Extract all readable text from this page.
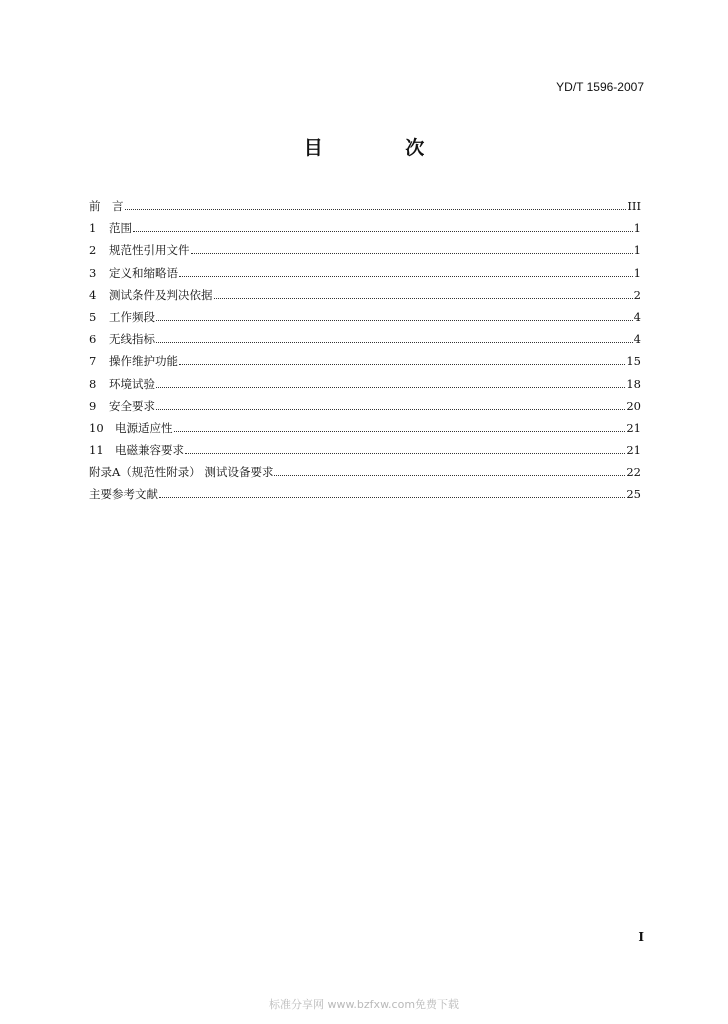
YD/T 1596-2007
目 次
前　言	III
1	范围	1
2	规范性引用文件	1
3	定义和缩略语	1
4	测试条件及判决依据	2
5	工作频段	4
6	无线指标	4
7	操作维护功能	15
8	环境试验	18
9	安全要求	20
10 电源适应性	21
11 电磁兼容要求	21
附录A（规范性附录） 测试设备要求	22
主要参考文献	25
I
标准分享网 www.bzfxw.com免费下载
